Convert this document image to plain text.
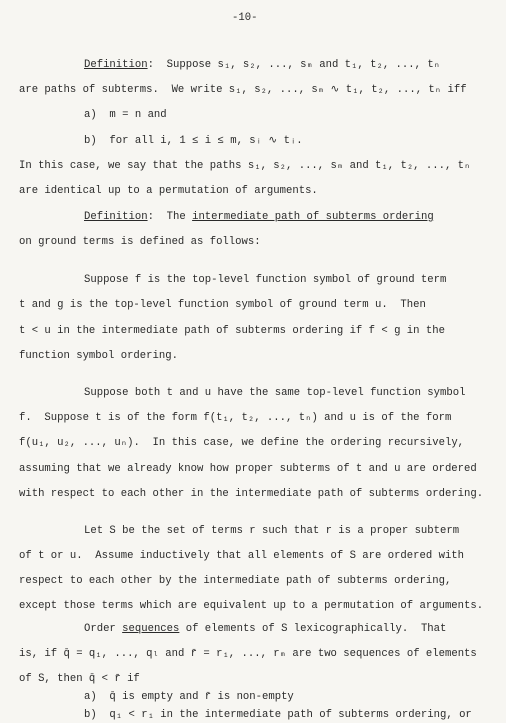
-10-
Definition:  Suppose s₁, s₂, ..., sₘ and t₁, t₂, ..., tₙ
are paths of subterms.  We write s₁, s₂, ..., sₘ ∿ t₁, t₂, ..., tₙ iff
a)  m = n and
b)  for all i, 1 ≤ i ≤ m, sᵢ ∿ tᵢ.
In this case, we say that the paths s₁, s₂, ..., sₘ and t₁, t₂, ..., tₙ
are identical up to a permutation of arguments.
Definition:  The intermediate path of subterms ordering
on ground terms is defined as follows:
Suppose f is the top-level function symbol of ground term
t and g is the top-level function symbol of ground term u.  Then
t < u in the intermediate path of subterms ordering if f < g in the
function symbol ordering.
Suppose both t and u have the same top-level function symbol
f.  Suppose t is of the form f(t₁, t₂, ..., tₙ) and u is of the form
f(u₁, u₂, ..., uₙ).  In this case, we define the ordering recursively,
assuming that we already know how proper subterms of t and u are ordered
with respect to each other in the intermediate path of subterms ordering.
Let S be the set of terms r such that r is a proper subterm
of t or u.  Assume inductively that all elements of S are ordered with
respect to each other by the intermediate path of subterms ordering,
except those terms which are equivalent up to a permutation of arguments.
Order sequences of elements of S lexicographically.  That
is, if q̄ = q₁, ..., qₗ and r̄ = r₁, ..., rₘ are two sequences of elements
of S, then q̄ < r̄ if
a)  q̄ is empty and r̄ is non-empty
b)  q₁ < r₁ in the intermediate path of subterms ordering, or
